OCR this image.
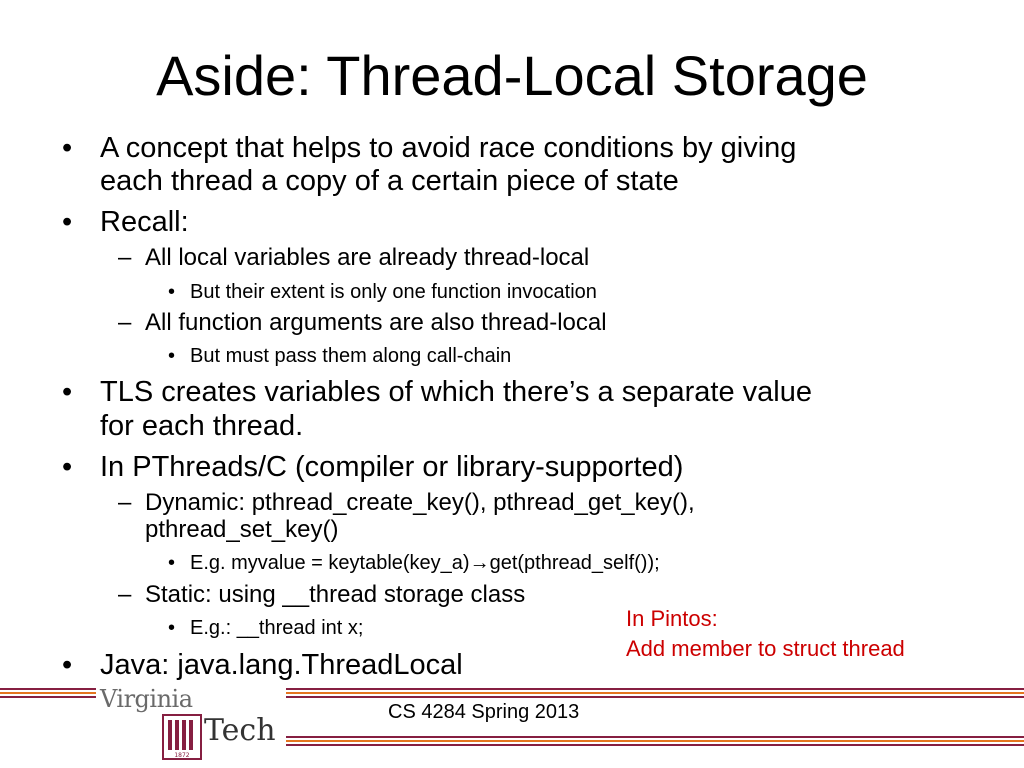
Aside: Thread-Local Storage
• A concept that helps to avoid race conditions by giving
each thread a copy of a certain piece of state
• Recall:
– All local variables are already thread-local
• But their extent is only one function invocation
– All function arguments are also thread-local
• But must pass them along call-chain
• TLS creates variables of which there’s a separate value
for each thread.
• In PThreads/C (compiler or library-supported)
– Dynamic: pthread_create_key(), pthread_get_key(),
pthread_set_key()
• E.g. myvalue = keytable(key_a)→get(pthread_self());
– Static: using __thread storage class
• E.g.: __thread int x;
• Java: java.lang.ThreadLocal
In Pintos:
Add member to struct thread
Virginia
1872
Tech
CS 4284 Spring 2013
